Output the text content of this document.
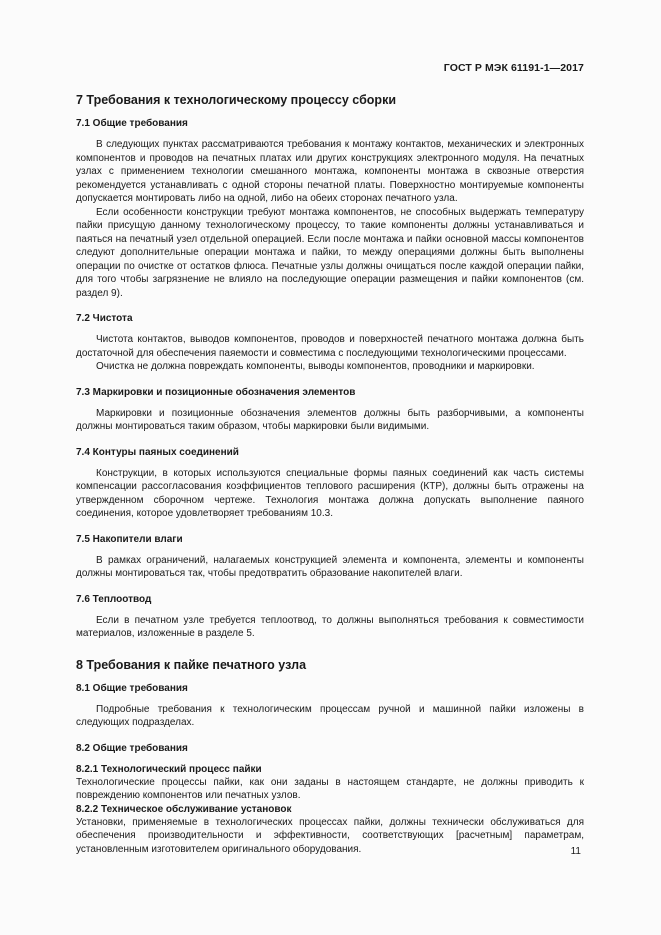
ГОСТ Р МЭК 61191-1—2017
7 Требования к технологическому процессу сборки
7.1 Общие требования

В следующих пунктах рассматриваются требования к монтажу контактов, механических и электронных компонентов и проводов на печатных платах или других конструкциях электронного модуля. На печатных узлах с применением технологии смешанного монтажа, компоненты монтажа в сквозные отверстия рекомендуется устанавливать с одной стороны печатной платы. Поверхностно монтируемые компоненты допускается монтировать либо на одной, либо на обеих сторонах печатного узла.

Если особенности конструкции требуют монтажа компонентов, не способных выдержать температуру пайки присущую данному технологическому процессу, то такие компоненты должны устанавливаться и паяться на печатный узел отдельной операцией. Если после монтажа и пайки основной массы компонентов следуют дополнительные операции монтажа и пайки, то между операциями должны быть выполнены операции по очистке от остатков флюса. Печатные узлы должны очищаться после каждой операции пайки, для того чтобы загрязнение не влияло на последующие операции размещения и пайки компонентов (см. раздел 9).

7.2 Чистота

Чистота контактов, выводов компонентов, проводов и поверхностей печатного монтажа должна быть достаточной для обеспечения паяемости и совместима с последующими технологическими процессами.

Очистка не должна повреждать компоненты, выводы компонентов, проводники и маркировки.

7.3 Маркировки и позиционные обозначения элементов

Маркировки и позиционные обозначения элементов должны быть разборчивыми, а компоненты должны монтироваться таким образом, чтобы маркировки были видимыми.

7.4 Контуры паяных соединений

Конструкции, в которых используются специальные формы паяных соединений как часть системы компенсации рассогласования коэффициентов теплового расширения (КТР), должны быть отражены на утвержденном сборочном чертеже. Технология монтажа должна допускать выполнение паяного соединения, которое удовлетворяет требованиям 10.3.

7.5 Накопители влаги

В рамках ограничений, налагаемых конструкцией элемента и компонента, элементы и компоненты должны монтироваться так, чтобы предотвратить образование накопителей влаги.

7.6 Теплоотвод

Если в печатном узле требуется теплоотвод, то должны выполняться требования к совместимости материалов, изложенные в разделе 5.

8 Требования к пайке печатного узла
8.1 Общие требования

Подробные требования к технологическим процессам ручной и машинной пайки изложены в следующих подразделах.

8.2 Общие требования
8.2.1 Технологический процесс пайки

Технологические процессы пайки, как они заданы в настоящем стандарте, не должны приводить к повреждению компонентов или печатных узлов.

8.2.2 Техническое обслуживание установок

Установки, применяемые в технологических процессах пайки, должны технически обслуживаться для обеспечения производительности и эффективности, соответствующих [расчетным] параметрам, установленным изготовителем оригинального оборудования.	11
